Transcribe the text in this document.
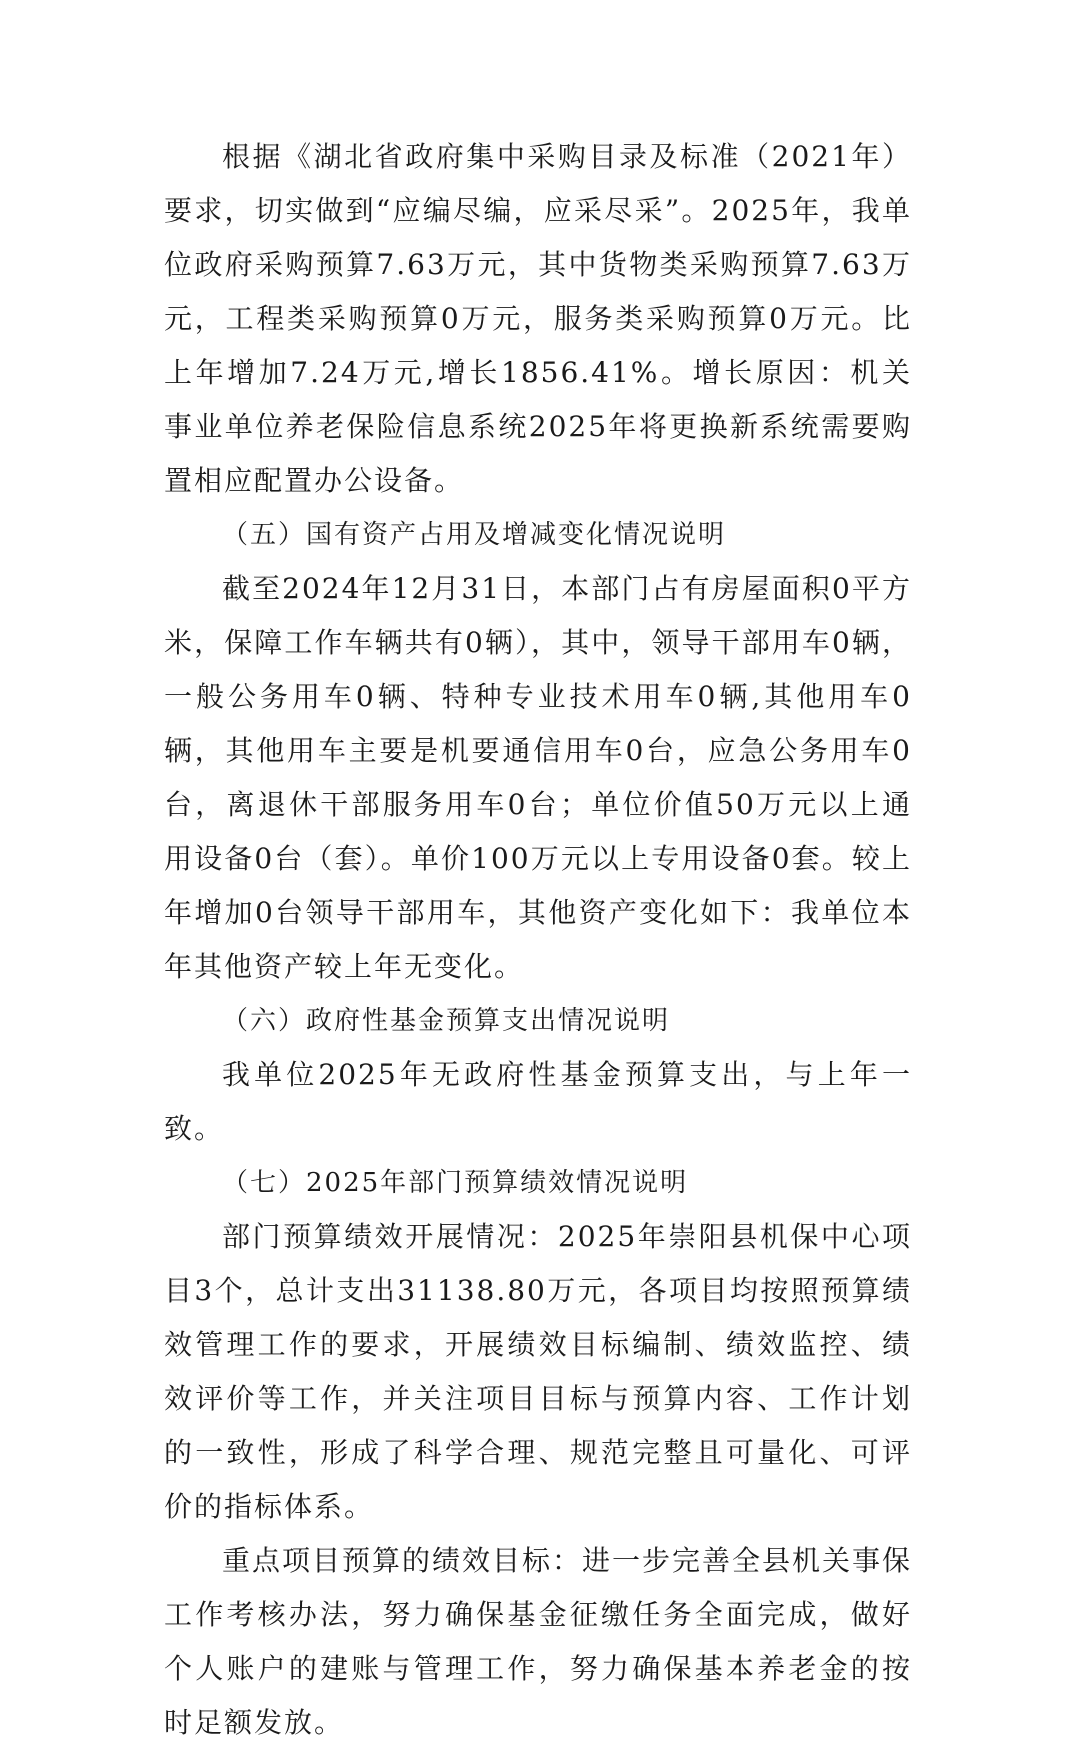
根据《湖北省政府集中采购目录及标准（2021年）要求，切实做到“应编尽编，应采尽采”。2025年，我单位政府采购预算7.63万元，其中货物类采购预算7.63万元，工程类采购预算0万元，服务类采购预算0万元。比上年增加7.24万元,增长1856.41%。增长原因：机关事业单位养老保险信息系统2025年将更换新系统需要购置相应配置办公设备。

（五）国有资产占用及增减变化情况说明

截至2024年12月31日，本部门占有房屋面积0平方米，保障工作车辆共有0辆），其中，领导干部用车0辆，一般公务用车0辆、特种专业技术用车0辆,其他用车0辆，其他用车主要是机要通信用车0台，应急公务用车0台，离退休干部服务用车0台；单位价值50万元以上通用设备0台（套）。单价100万元以上专用设备0套。较上年增加0台领导干部用车，其他资产变化如下：我单位本年其他资产较上年无变化。

（六）政府性基金预算支出情况说明

我单位2025年无政府性基金预算支出，与上年一致。

（七）2025年部门预算绩效情况说明

部门预算绩效开展情况：2025年崇阳县机保中心项目3个，总计支出31138.80万元，各项目均按照预算绩效管理工作的要求，开展绩效目标编制、绩效监控、绩效评价等工作，并关注项目目标与预算内容、工作计划的一致性，形成了科学合理、规范完整且可量化、可评价的指标体系。

重点项目预算的绩效目标：进一步完善全县机关事保工作考核办法，努力确保基金征缴任务全面完成，做好个人账户的建账与管理工作，努力确保基本养老金的按时足额发放。
